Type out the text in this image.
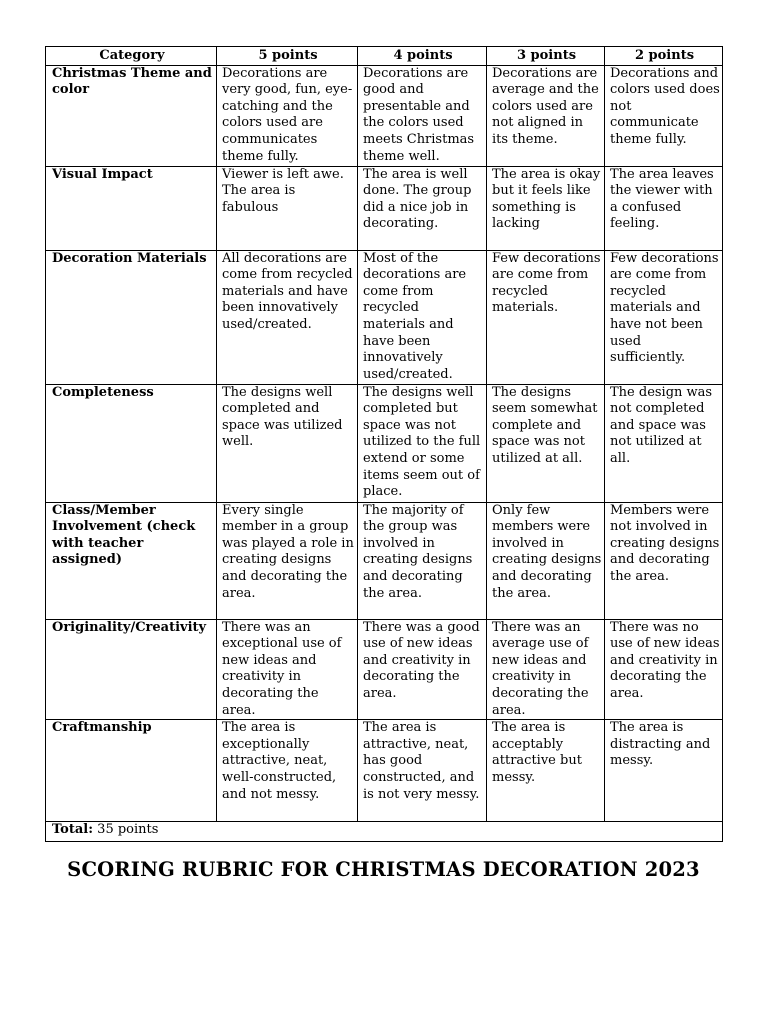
Category	5 points	4 points	3 points	2 points
Christmas Theme and color	Decorations are very good, fun, eye-catching and the colors used are communicates theme fully.	Decorations are good and presentable and the colors used meets Christmas theme well.	Decorations are average and the colors used are not aligned in its theme.	Decorations and colors used does not communicate theme fully.
Visual Impact	Viewer is left awe. The area is fabulous	The area is well done. The group did a nice job in decorating.	The area is okay but it feels like something is lacking	The area leaves the viewer with a confused feeling.
Decoration Materials	All decorations are come from recycled materials and have been innovatively used/created.	Most of the decorations are come from recycled materials and have been innovatively used/created.	Few decorations are come from recycled materials.	Few decorations are come from recycled materials and have not been used sufficiently.
Completeness	The designs well completed and space was utilized well.	The designs well completed but space was not utilized to the full extend or some items seem out of place.	The designs seem somewhat complete and space was not utilized at all.	The design was not completed and space was not utilized at all.
Class/Member Involvement (check with teacher assigned)	Every single member in a group was played a role in creating designs and decorating the area.	The majority of the group was involved in creating designs and decorating the area.	Only few members were involved in creating designs and decorating the area.	Members were not involved in creating designs and decorating the area.
Originality/Creativity	There was an exceptional use of new ideas and creativity in decorating the area.	There was a good use of new ideas and creativity in decorating the area.	There was an average use of new ideas and creativity in decorating the area.	There was no use of new ideas and creativity in decorating the area.
Craftmanship	The area is exceptionally attractive, neat, well-constructed, and not messy.	The area is attractive, neat, has good constructed, and is not very messy.	The area is acceptably attractive but messy.	The area is distracting and messy.
Total: 35 points				
SCORING RUBRIC FOR CHRISTMAS DECORATION 2023
